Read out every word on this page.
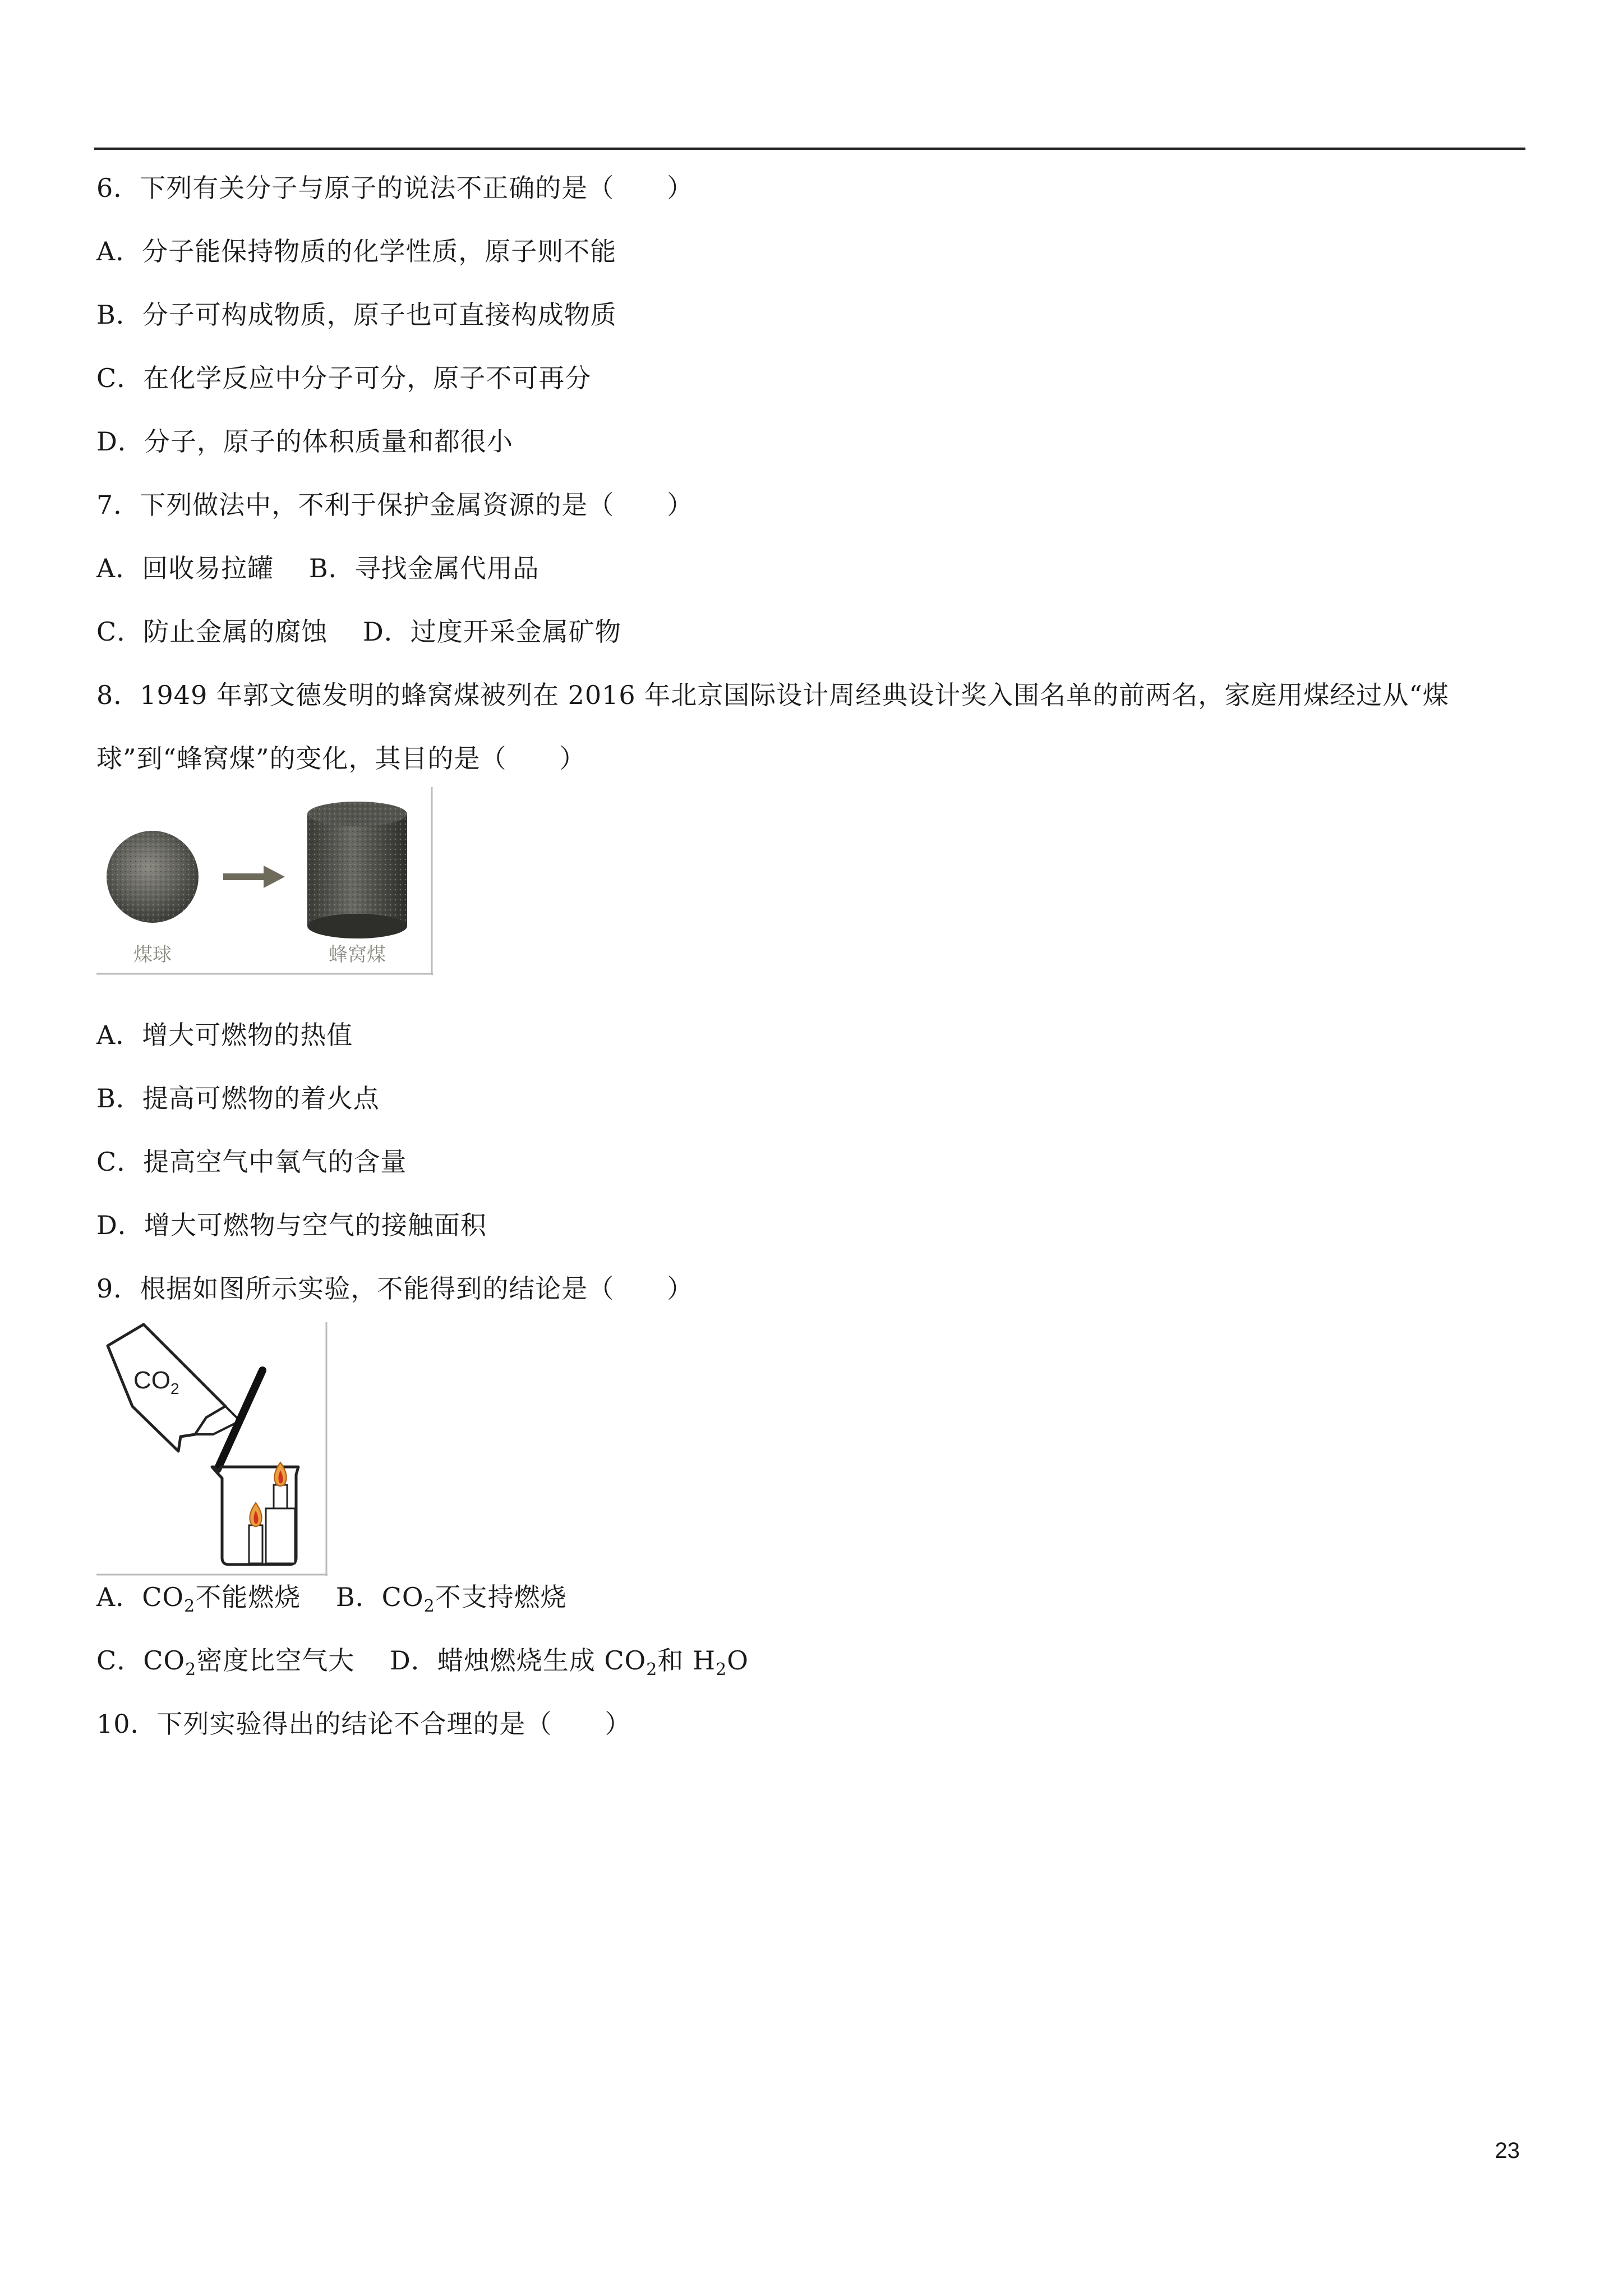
6．下列有关分子与原子的说法不正确的是（　　）
A．分子能保持物质的化学性质，原子则不能
B．分子可构成物质，原子也可直接构成物质
C．在化学反应中分子可分，原子不可再分
D．分子，原子的体积质量和都很小
7．下列做法中，不利于保护金属资源的是（　　）
A．回收易拉罐　 B．寻找金属代用品
C．防止金属的腐蚀　 D．过度开采金属矿物
8．1949 年郭文德发明的蜂窝煤被列在 2016 年北京国际设计周经典设计奖入围名单的前两名，家庭用煤经过从“煤
球”到“蜂窝煤”的变化，其目的是（　　）
煤球	蜂窝煤
A．增大可燃物的热值
B．提高可燃物的着火点
C．提高空气中氧气的含量
D．增大可燃物与空气的接触面积
9．根据如图所示实验，不能得到的结论是（　　）
$CO_2$
A．$CO_2$不能燃烧　 B．$CO_2$不支持燃烧
C．$CO_2$密度比空气大　 D．蜡烛燃烧生成 $CO_2$和 $H_2O$
10．下列实验得出的结论不合理的是（　　）
23
